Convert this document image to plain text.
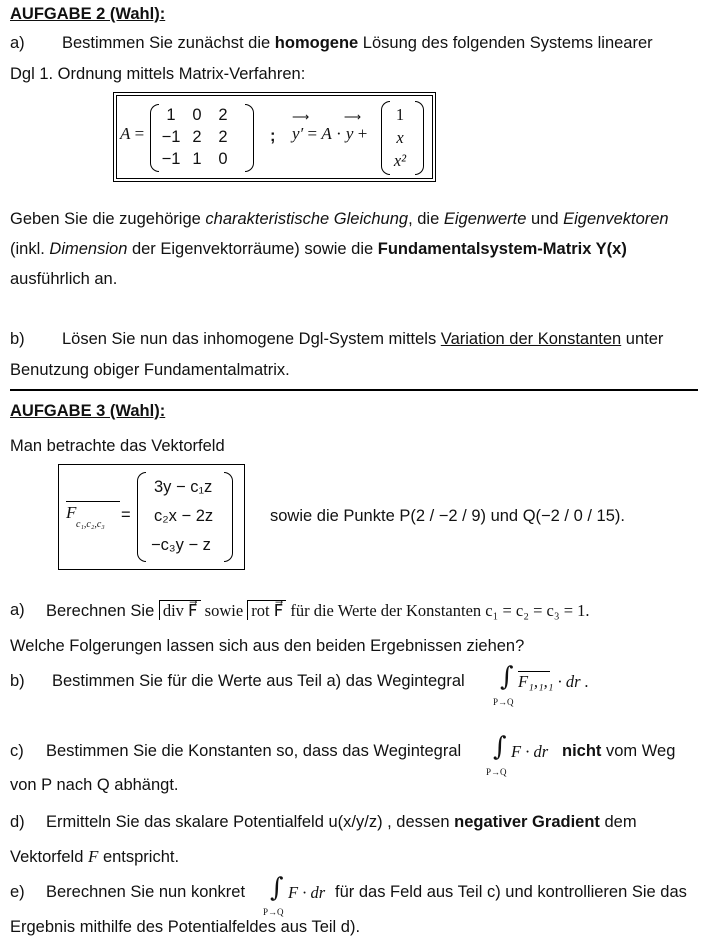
AUFGABE 2 (Wahl):
a) Bestimmen Sie zunächst die homogene Lösung des folgenden Systems linearer
Dgl 1. Ordnung mittels Matrix-Verfahren:
A =
1	0	2
−1 2	2
−1 1	0
;
⟶
y′ = A ·
⟶
y +
1
x
x²
Geben Sie die zugehörige charakteristische Gleichung, die Eigenwerte und Eigenvektoren
(inkl. Dimension der Eigenvektorräume) sowie die Fundamentalsystem-Matrix Y(x)
ausführlich an.
b) Lösen Sie nun das inhomogene Dgl-System mittels Variation der Konstanten unter
Benutzung obiger Fundamentalmatrix.
AUFGABE 3 (Wahl):
Man betrachte das Vektorfeld
F
c₁,c₂,c₃
=
3y − c₁z
c₂x − 2z
−c₃y − z
sowie die Punkte P(2 / −2 / 9) und Q(−2 / 0 / 15).
a) Berechnen Sie div F⃗ sowie rot F⃗ für die Werte der Konstanten c₁ = c₂ = c₃ = 1.
Welche Folgerungen lassen sich aus den beiden Ergebnissen ziehen?
b) Bestimmen Sie für die Werte aus Teil a) das Wegintegral ∫ F₁,₁,₁ · dr .
P→Q
c) Bestimmen Sie die Konstanten so, dass das Wegintegral ∫ F · dr
P→Q
nicht vom Weg
von P nach Q abhängt.
d) Ermitteln Sie das skalare Potentialfeld u(x/y/z) , dessen negativer Gradient dem
Vektorfeld F entspricht.
e) Berechnen Sie nun konkret ∫ F · dr
P→Q
für das Feld aus Teil c) und kontrollieren Sie das
Ergebnis mithilfe des Potentialfeldes aus Teil d).
